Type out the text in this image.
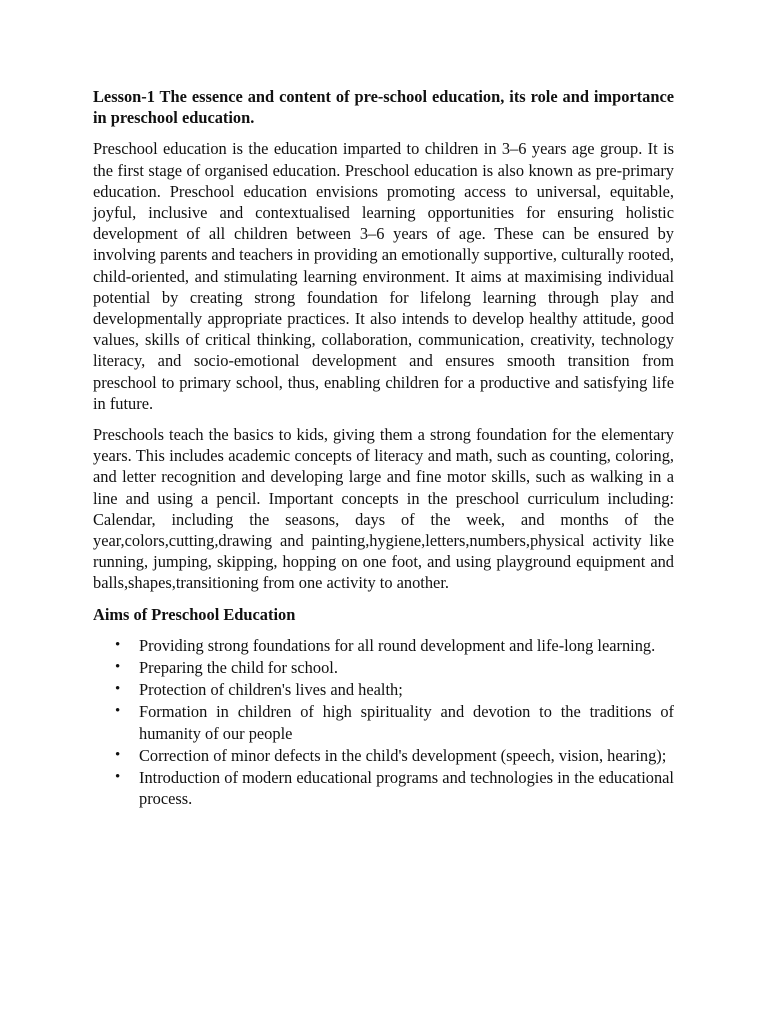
Lesson-1 The essence and content of pre-school education, its role and importance in preschool education.

Preschool education is the education imparted to children in 3–6 years age group. It is the first stage of organised education. Preschool education is also known as pre-primary education. Preschool education envisions promoting access to universal, equitable, joyful, inclusive and contextualised learning opportunities for ensuring holistic development of all children between 3–6 years of age. These can be ensured by involving parents and teachers in providing an emotionally supportive, culturally rooted, child-oriented, and stimulating learning environment. It aims at maximising individual potential by creating strong foundation for lifelong learning through play and developmentally appropriate practices. It also intends to develop healthy attitude, good values, skills of critical thinking, collaboration, communication, creativity, technology literacy, and socio-emotional development and ensures smooth transition from preschool to primary school, thus, enabling children for a productive and satisfying life in future.

Preschools teach the basics to kids, giving them a strong foundation for the elementary years. This includes academic concepts of literacy and math, such as counting, coloring, and letter recognition and developing large and fine motor skills, such as walking in a line and using a pencil. Important concepts in the preschool curriculum including: Calendar, including the seasons, days of the week, and months of the year,colors,cutting,drawing and painting,hygiene,letters,numbers,physical activity like running, jumping, skipping, hopping on one foot, and using playground equipment and balls,shapes,transitioning from one activity to another.

Aims of Preschool Education

• Providing strong foundations for all round development and life-long learning.
• Preparing the child for school.
• Protection of children's lives and health;
• Formation in children of high spirituality and devotion to the traditions of humanity of our people
• Correction of minor defects in the child's development (speech, vision, hearing);
• Introduction of modern educational programs and technologies in the educational process.
